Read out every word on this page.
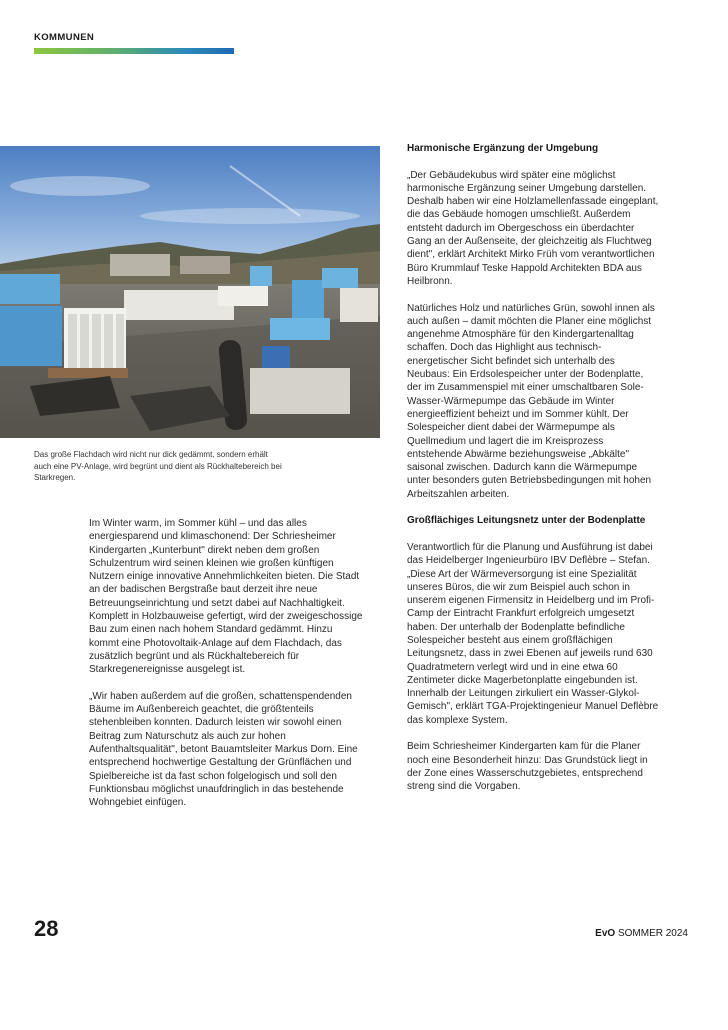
KOMMUNEN
Das große Flachdach wird nicht nur dick gedämmt, sondern erhält auch eine PV-Anlage, wird begrünt und dient als Rückhaltebereich bei Starkregen.

Im Winter warm, im Sommer kühl – und das alles energiesparend und klimaschonend: Der Schriesheimer Kindergarten „Kunterbunt" direkt neben dem großen Schulzentrum wird seinen kleinen wie großen künftigen Nutzern einige innovative Annehmlichkeiten bieten. Die Stadt an der badischen Bergstraße baut derzeit ihre neue Betreuungseinrichtung und setzt dabei auf Nachhaltigkeit. Komplett in Holzbauweise gefertigt, wird der zweigeschossige Bau zum einen nach hohem Standard gedämmt. Hinzu kommt eine Photovoltaik-Anlage auf dem Flachdach, das zusätzlich begrünt und als Rückhaltebereich für Starkregenereignisse ausgelegt ist.

„Wir haben außerdem auf die großen, schattenspendenden Bäume im Außenbereich geachtet, die größtenteils stehenbleiben konnten. Dadurch leisten wir sowohl einen Beitrag zum Naturschutz als auch zur hohen Aufenthaltsqualität", betont Bauamtsleiter Markus Dorn. Eine entsprechend hochwertige Gestaltung der Grünflächen und Spielbereiche ist da fast schon folgelogisch und soll den Funktionsbau möglichst unaufdringlich in das bestehende Wohngebiet einfügen.

Harmonische Ergänzung der Umgebung

„Der Gebäudekubus wird später eine möglichst harmonische Ergänzung seiner Umgebung darstellen. Deshalb haben wir eine Holzlamellenfassade eingeplant, die das Gebäude homogen umschließt. Außerdem entsteht dadurch im Obergeschoss ein überdachter Gang an der Außenseite, der gleichzeitig als Fluchtweg dient", erklärt Architekt Mirko Früh vom verantwortlichen Büro Krummlauf Teske Happold Architekten BDA aus Heilbronn.

Natürliches Holz und natürliches Grün, sowohl innen als auch außen – damit möchten die Planer eine möglichst angenehme Atmosphäre für den Kindergartenalltag schaffen. Doch das Highlight aus technisch-energetischer Sicht befindet sich unterhalb des Neubaus: Ein Erdsolespeicher unter der Bodenplatte, der im Zusammenspiel mit einer umschaltbaren Sole-Wasser-Wärmepumpe das Gebäude im Winter energieeffizient beheizt und im Sommer kühlt. Der Solespeicher dient dabei der Wärmepumpe als Quellmedium und lagert die im Kreisprozess entstehende Abwärme beziehungsweise „Abkälte" saisonal zwischen. Dadurch kann die Wärmepumpe unter besonders guten Betriebsbedingungen mit hohen Arbeitszahlen arbeiten.

Großflächiges Leitungsnetz unter der Bodenplatte

Verantwortlich für die Planung und Ausführung ist dabei das Heidelberger Ingenieurbüro IBV Deflèbre – Stefan. „Diese Art der Wärmeversorgung ist eine Spezialität unseres Büros, die wir zum Beispiel auch schon in unserem eigenen Firmensitz in Heidelberg und im Profi-Camp der Eintracht Frankfurt erfolgreich umgesetzt haben. Der unterhalb der Bodenplatte befindliche Solespeicher besteht aus einem großflächigen Leitungsnetz, dass in zwei Ebenen auf jeweils rund 630 Quadratmetern verlegt wird und in eine etwa 60 Zentimeter dicke Magerbetonplatte eingebunden ist. Innerhalb der Leitungen zirkuliert ein Wasser-Glykol-Gemisch", erklärt TGA-Projektingenieur Manuel Deflèbre das komplexe System.

Beim Schriesheimer Kindergarten kam für die Planer noch eine Besonderheit hinzu: Das Grundstück liegt in der Zone eines Wasserschutzgebietes, entsprechend streng sind die Vorgaben.

28	EvO SOMMER 2024
